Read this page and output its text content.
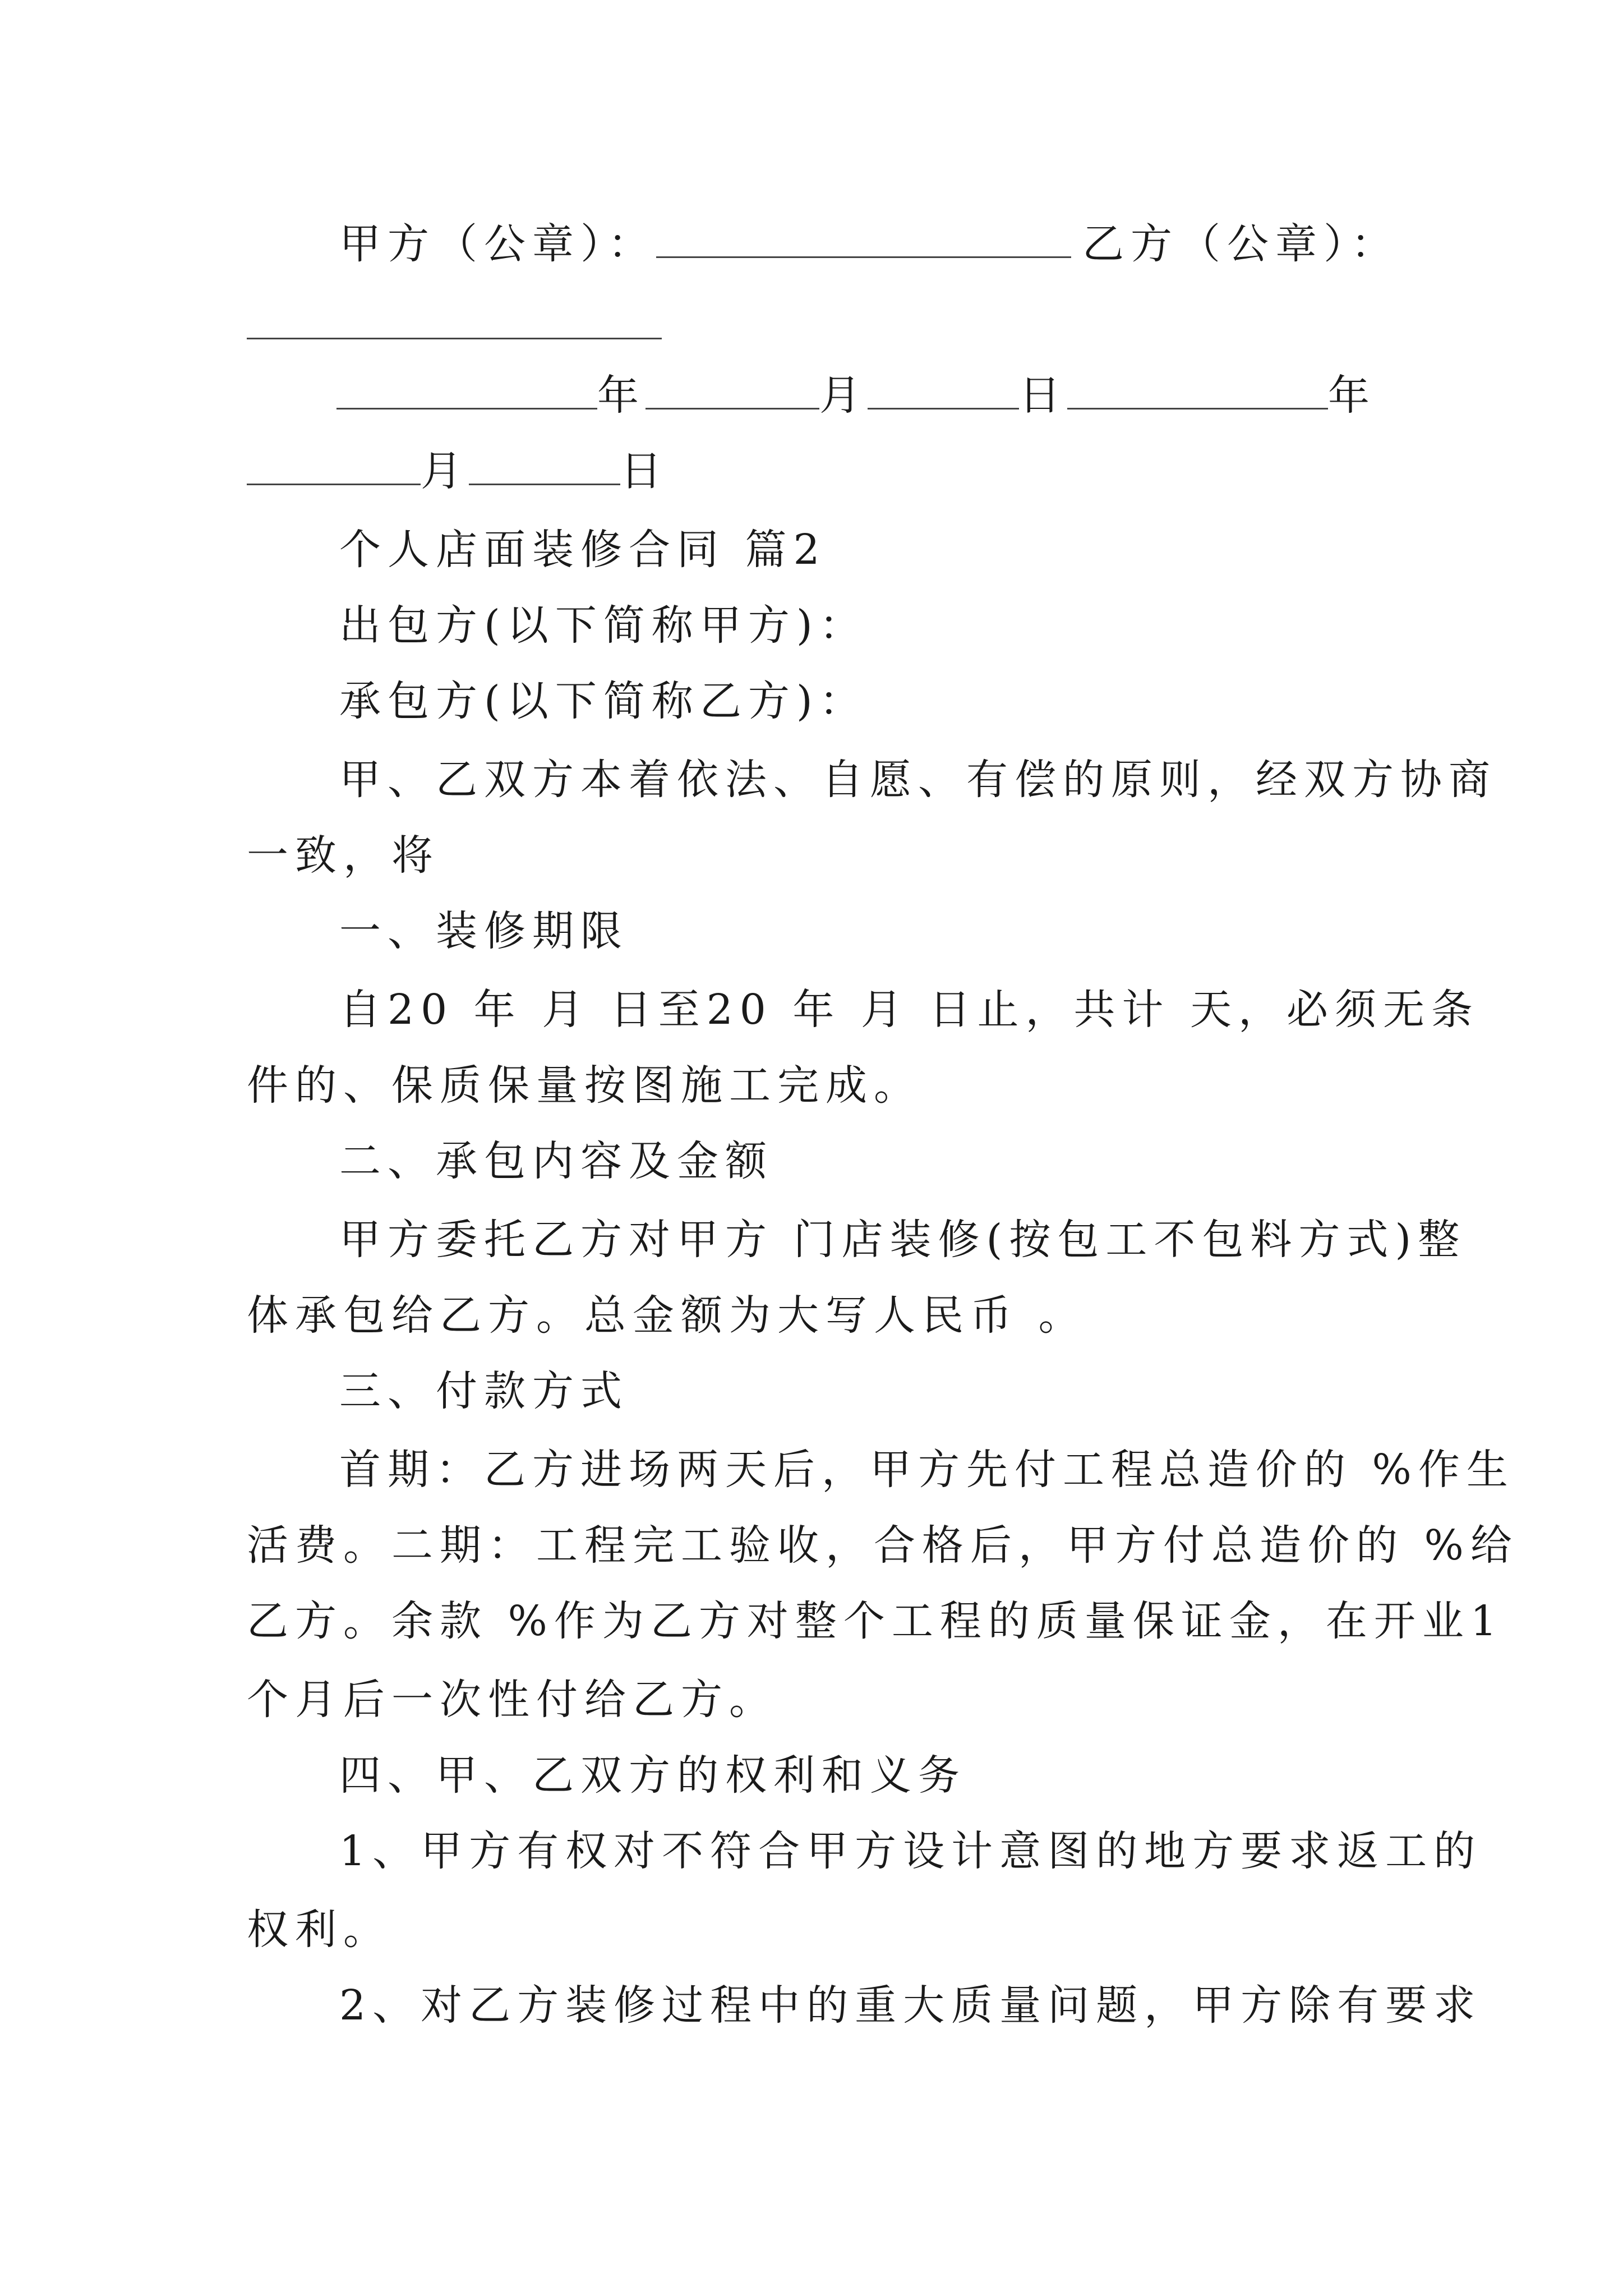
甲方（公章）：	乙方（公章）：
年	月	日	年
月	日
个人店面装修合同 篇2
出包方(以下简称甲方)：
承包方(以下简称乙方)：
甲、乙双方本着依法、自愿、有偿的原则，经双方协商
一致，将
一、装修期限
自20 年 月 日至20 年 月 日止，共计 天，必须无条
件的、保质保量按图施工完成。
二、承包内容及金额
甲方委托乙方对甲方 门店装修(按包工不包料方式)整
体承包给乙方。总金额为大写人民币 。
三、付款方式
首期：乙方进场两天后，甲方先付工程总造价的 %作生
活费。二期：工程完工验收，合格后，甲方付总造价的 %给
乙方。余款 %作为乙方对整个工程的质量保证金，在开业1
个月后一次性付给乙方。
四、甲、乙双方的权利和义务
1、甲方有权对不符合甲方设计意图的地方要求返工的
权利。
2、对乙方装修过程中的重大质量问题，甲方除有要求
